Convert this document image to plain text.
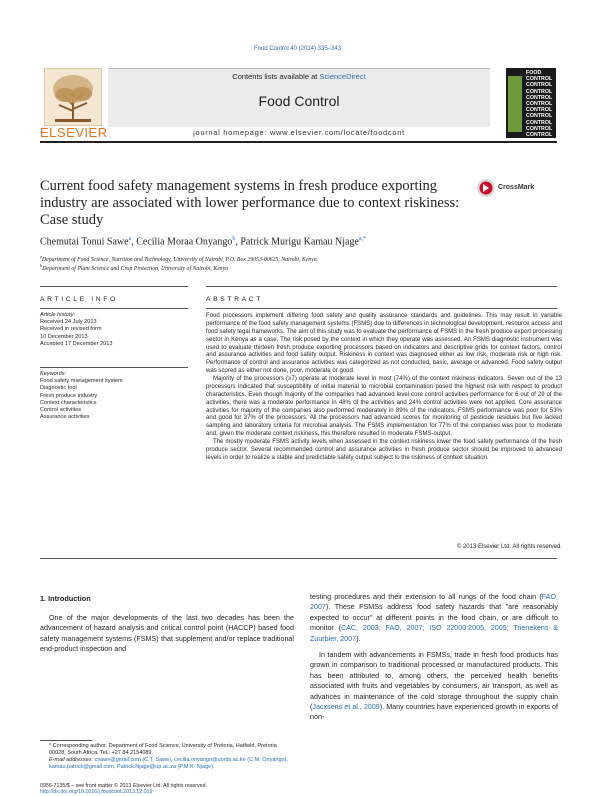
Food Control 40 (2014) 335–343
ELSEVIER
Contents lists available at ScienceDirect
Food Control
journal homepage: www.elsevier.com/locate/foodcont
FOOD
CONTROL
CONTROL
CONTROL
CONTROL
CONTROL
CONTROL
CONTROL
CONTROL
CONTROL
CONTROL
Current food safety management systems in fresh produce exporting industry are associated with lower performance due to context riskiness: Case study
CrossMark
Chemutai Tonui Sawe$^a$, Cecilia Moraa Onyango$^b$, Patrick Murigu Kamau Njage$^{a,*}$
$^a$Department of Food Science, Nutrition and Technology, University of Nairobi, P.O. Box 29053-00625, Nairobi, Kenya
$^b$Department of Plant Science and Crop Protection, University of Nairobi, Kenya
ARTICLE INFO	ABSTRACT
Article history:
Received 24 July 2013
Received in revised form
10 December 2013
Accepted 17 December 2013
Keywords:
Food safety management system
Diagnostic tool
Fresh produce industry
Context characteristics
Control activities
Assurance activities

Food processors implement differing food safety and quality assurance standards and guidelines. This may result in variable performance of the food safety management systems (FSMS) due to differences in technological development, resource access and food safety legal frameworks. The aim of this study was to evaluate the performance of FSMS in the fresh produce export processing sector in Kenya as a case. The risk posed by the context in which they operate was assessed. An FSMS diagnostic instrument was used to evaluate thirteen fresh produce exporting processors based on indicators and descriptive grids for context factors, control and assurance activities and food safety output. Riskiness in context was diagnosed either as low risk, moderate risk or high risk. Performance of control and assurance activities was categorized as not conducted, basic, average or advanced. Food safety output was scored as either not done, poor, moderate or good.

Majority of the processors (≥7) operate at moderate level in most (74%) of the context riskiness indicators. Seven out of the 13 processors indicated that susceptibility of initial material to microbial contamination posed the highest risk with respect to product characteristics. Even though majority of the companies had advanced level core control activities performance for 6 out of 29 of the activities, there was a moderate performance in 48% of the activities and 24% control activities were not applied. Core assurance activities for majority of the companies also performed moderately in 89% of the indicators. FSMS performance was poor for 53% and good for 37% of the processors. All the processors had advanced scores for monitoring of pesticide residues but five lacked sampling and laboratory criteria for microbial analysis. The FSMS implementation for 77% of the companies was poor to moderate and, given the moderate context riskiness, this therefore resulted in moderate FSMS-output.

The mostly moderate FSMS activity levels when assessed in the context riskiness lower the food safety performance of the fresh produce sector. Several recommended control and assurance activities in fresh produce sector should be improved to advanced levels in order to realize a stable and predictable safety output subject to the riskiness of context situation.

© 2013 Elsevier Ltd. All rights reserved.
1. Introduction
One of the major developments of the last two decades has been the advancement of hazard analysis and critical control point (HACCP) based food safety management systems (FSMS) that supplement and/or replace traditional end-product inspection and

testing procedures and their extension to all rungs of the food chain (FAO, 2007). These FSMSs address food safety hazards that "are reasonably expected to occur" at different points in the food chain, or are difficult to monitor (CAC, 2003; FAO, 2007; ISO 22000:2005, 2005; Trienekens & Zuurbier, 2007).

In tandem with advancements in FSMSs, trade in fresh food products has grown in comparison to traditional processed or manufactured products. This has been attributed to, among others, the perceived health benefits associated with fruits and vegetables by consumers, air transport, as well as advances in maintenance of the cold storage throughout the supply chain (Jacxsens et al., 2009). Many countries have experienced growth in exports of non-

* Corresponding author. Department of Food Science, University of Pretoria, Hatfield, Pretoria 00028, South Africa. Tel.: +27 84 2154089.
E-mail addresses: csawe@gmail.com (C.T. Sawe), cecilia.onyango@uonbi.ac.ke (C.M. Onyango), kamau.patrick@gmail.com, Patrick.Njage@up.ac.za (P.M.K. Njage).
0956-7135/$ – see front matter © 2013 Elsevier Ltd. All rights reserved.
http://dx.doi.org/10.1016/j.foodcont.2013.12.019
